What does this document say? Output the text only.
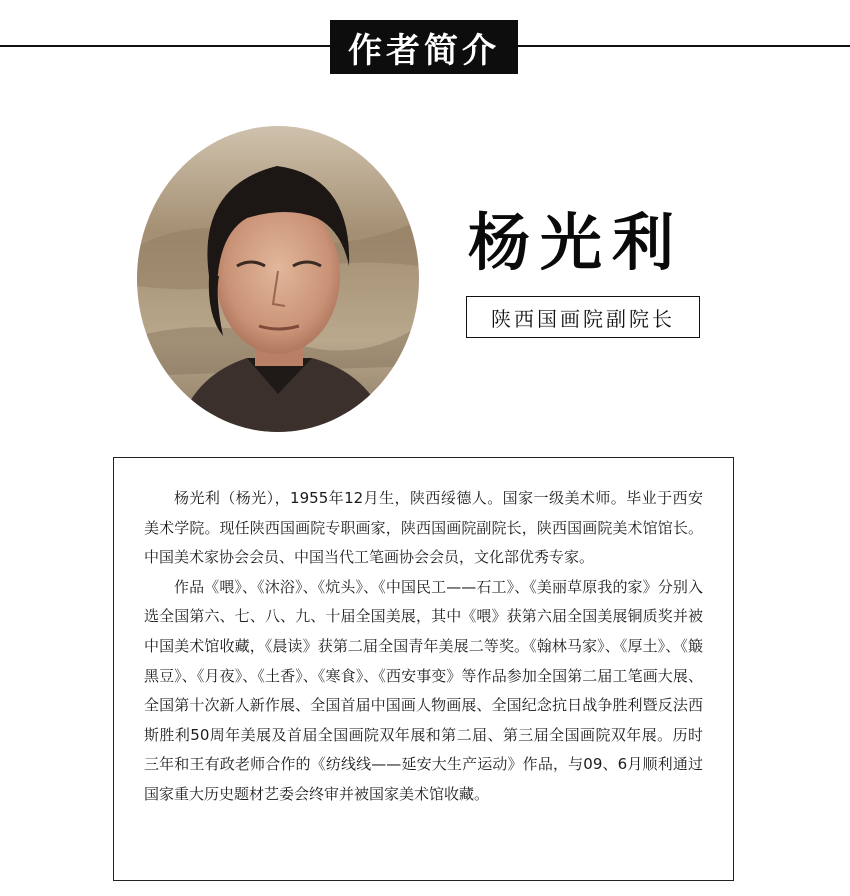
作者简介
杨光利
陕西国画院副院长

杨光利（杨光），1955年12月生，陕西绥德人。国家一级美术师。毕业于西安美术学院。现任陕西国画院专职画家，陕西国画院副院长，陕西国画院美术馆馆长。中国美术家协会会员、中国当代工笔画协会会员，文化部优秀专家。

作品《喂》、《沐浴》、《炕头》、《中国民工——石工》、《美丽草原我的家》分别入选全国第六、七、八、九、十届全国美展，其中《喂》获第六届全国美展铜质奖并被中国美术馆收藏，《晨读》获第二届全国青年美展二等奖。《翰林马家》、《厚土》、《簸黑豆》、《月夜》、《土香》、《寒食》、《西安事变》等作品参加全国第二届工笔画大展、全国第十次新人新作展、全国首届中国画人物画展、全国纪念抗日战争胜利暨反法西斯胜利50周年美展及首届全国画院双年展和第二届、第三届全国画院双年展。历时三年和王有政老师合作的《纺线线——延安大生产运动》作品，与09、6月顺利通过国家重大历史题材艺委会终审并被国家美术馆收藏。
